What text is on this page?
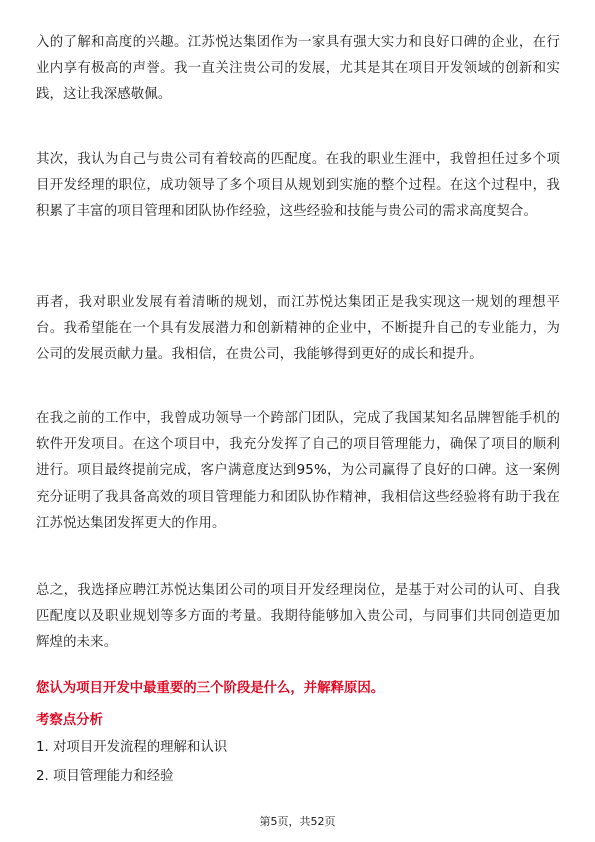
入的了解和高度的兴趣。江苏悦达集团作为一家具有强大实力和良好口碑的企业，在行业内享有极高的声誉。我一直关注贵公司的发展，尤其是其在项目开发领域的创新和实践，这让我深感敬佩。

其次，我认为自己与贵公司有着较高的匹配度。在我的职业生涯中，我曾担任过多个项目开发经理的职位，成功领导了多个项目从规划到实施的整个过程。在这个过程中，我积累了丰富的项目管理和团队协作经验，这些经验和技能与贵公司的需求高度契合。

再者，我对职业发展有着清晰的规划，而江苏悦达集团正是我实现这一规划的理想平台。我希望能在一个具有发展潜力和创新精神的企业中，不断提升自己的专业能力，为公司的发展贡献力量。我相信，在贵公司，我能够得到更好的成长和提升。

在我之前的工作中，我曾成功领导一个跨部门团队，完成了我国某知名品牌智能手机的软件开发项目。在这个项目中，我充分发挥了自己的项目管理能力，确保了项目的顺利进行。项目最终提前完成，客户满意度达到95%，为公司赢得了良好的口碑。这一案例充分证明了我具备高效的项目管理能力和团队协作精神，我相信这些经验将有助于我在江苏悦达集团发挥更大的作用。

总之，我选择应聘江苏悦达集团公司的项目开发经理岗位，是基于对公司的认可、自我匹配度以及职业规划等多方面的考量。我期待能够加入贵公司，与同事们共同创造更加辉煌的未来。

您认为项目开发中最重要的三个阶段是什么，并解释原因。
考察点分析
1. 对项目开发流程的理解和认识
2. 项目管理能力和经验
第5页，共52页
